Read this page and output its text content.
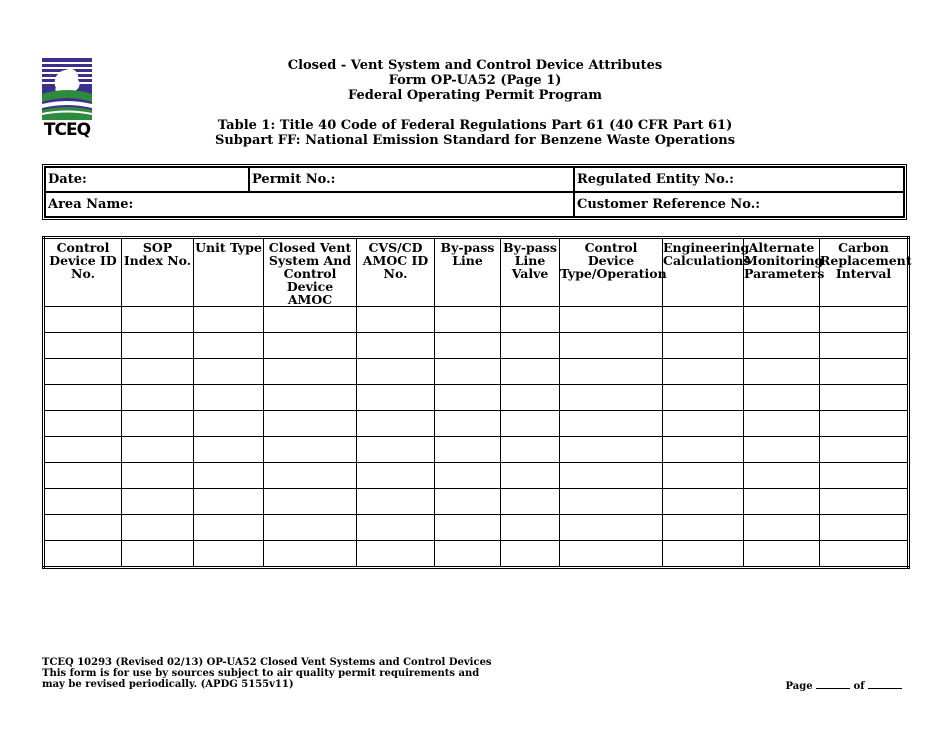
TCEQ
Closed - Vent System and Control Device Attributes
Form OP-UA52 (Page 1)
Federal Operating Permit Program
Table 1: Title 40 Code of Federal Regulations Part 61 (40 CFR Part 61)
Subpart FF: National Emission Standard for Benzene Waste Operations
Date:	Permit No.:	Regulated Entity No.:
Area Name:		Customer Reference No.:
Control Device ID No.	SOP Index No.	Unit Type	Closed Vent System And Control Device AMOC	CVS/CD AMOC ID No.	By-pass Line	By-pass Line Valve	Control Device Type/Operation	Engineering Calculations	Alternate Monitoring Parameters	Carbon Replacement Interval

TCEQ 10293 (Revised 02/13) OP-UA52 Closed Vent Systems and Control Devices
This form is for use by sources subject to air quality permit requirements and
may be revised periodically. (APDG 5155v11)	Page	of
